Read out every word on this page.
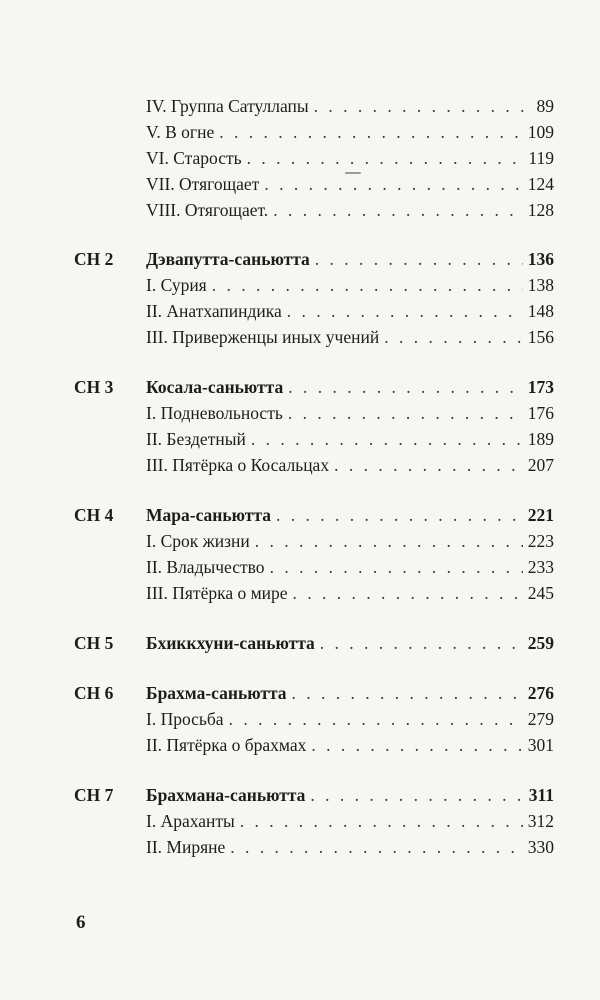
IV. Группа Сатуллапы . . .	89
V. В огне . . .	109
VI. Старость . . .	119
VII. Отягощает . . .	124
VIII. Отягощает. . . .	128
СН 2 Дэвапутта-саньютта . . .	136
I. Сурия . . .	138
II. Анатхапиндика . . .	148
III. Приверженцы иных учений . . .	156
СН 3 Косала-саньютта . . .	173
I. Подневольность . . .	176
II. Бездетный . . .	189
III. Пятёрка о Косальцах . . .	207
СН 4 Мара-саньютта . . .	221
I. Срок жизни . . .	223
II. Владычество . . .	233
III. Пятёрка о мире . . .	245
СН 5 Бхиккхуни-саньютта . . .	259
СН 6 Брахма-саньютта . . .	276
I. Просьба . . .	279
II. Пятёрка о брахмах . . .	301
СН 7 Брахмана-саньютта . . .	311
I. Араханты . . .	312
II. Миряне . . .	330
6
